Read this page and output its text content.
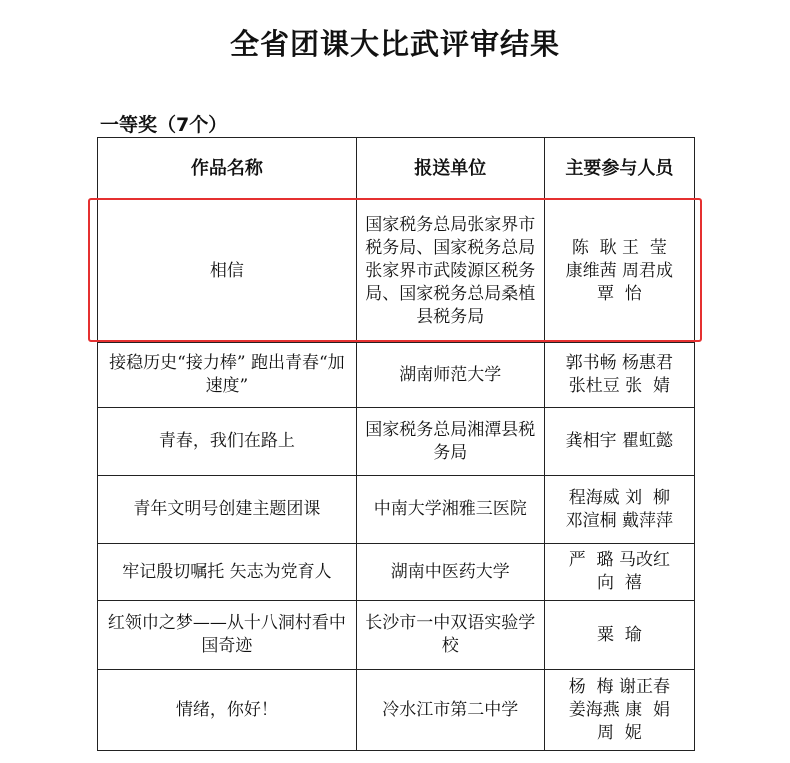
全省团课大比武评审结果
一等奖（7个）
作品名称	报送单位	主要参与人员
相信	国家税务总局张家界市税务局、国家税务总局张家界市武陵源区税务局、国家税务总局桑植县税务局	陈  耿 王  莹
康维茜 周君成
覃  怡

接稳历史“接力棒” 跑出青春“加速度”	湖南师范大学	郭书畅 杨惠君
张杜豆 张  婧

青春，我们在路上	国家税务总局湘潭县税务局	龚相宇 瞿虹懿

青年文明号创建主题团课	中南大学湘雅三医院	程海威 刘  柳
邓渲桐 戴萍萍

牢记殷切嘱托 矢志为党育人	湖南中医药大学	严  璐 马改红
向  禧

红领巾之梦——从十八洞村看中国奇迹	长沙市一中双语实验学校	粟  瑜

情绪，你好！	冷水江市第二中学	杨  梅 谢正春
姜海燕 康  娟
周  妮
